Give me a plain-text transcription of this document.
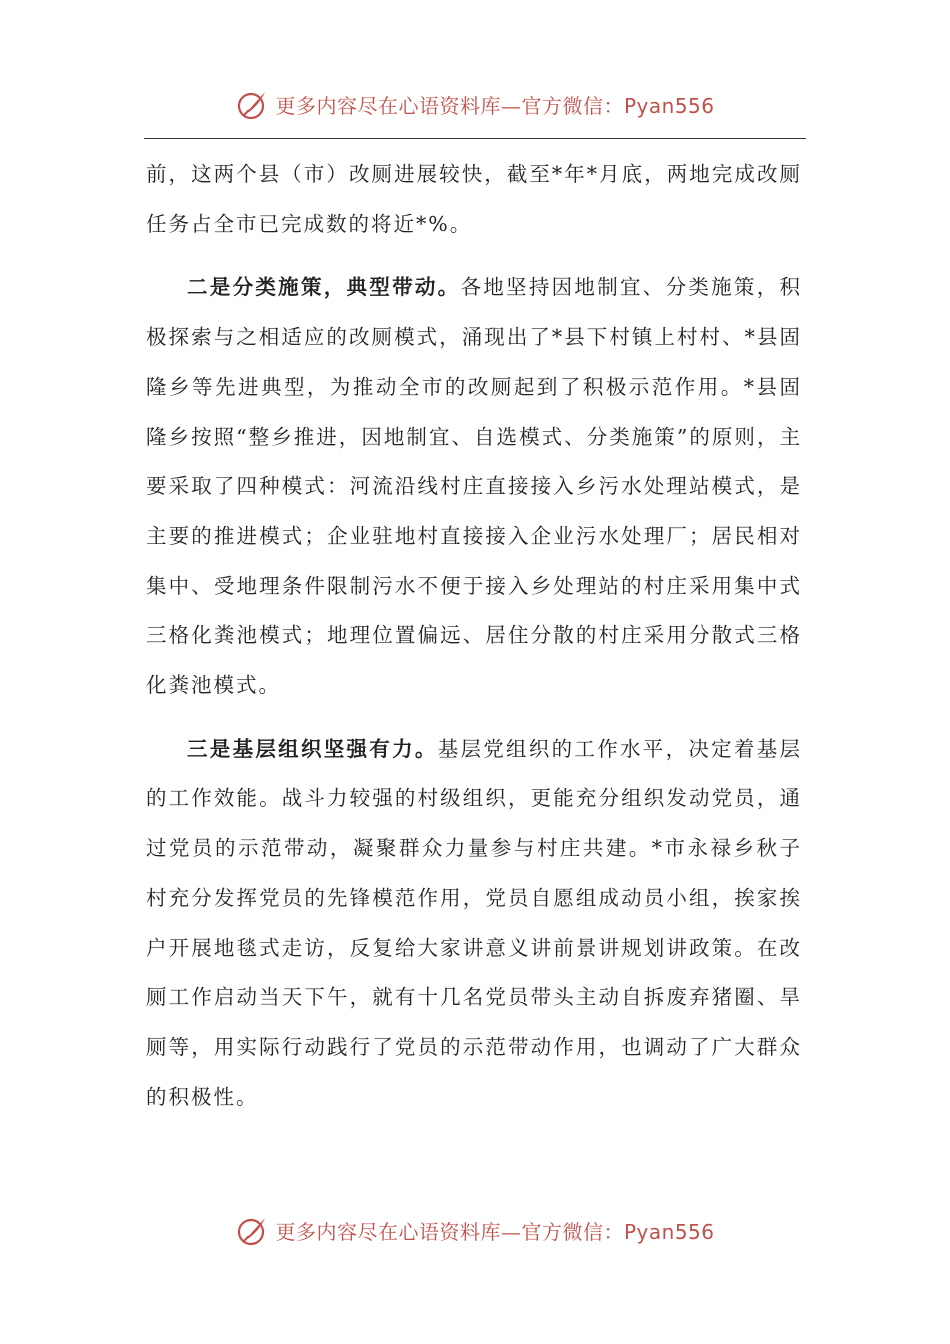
更多内容尽在心语资料库—官方微信：Pyan556

前，这两个县（市）改厕进展较快，截至*年*月底，两地完成改厕任务占全市已完成数的将近*%。

二是分类施策，典型带动。各地坚持因地制宜、分类施策，积极探索与之相适应的改厕模式，涌现出了*县下村镇上村村、*县固隆乡等先进典型，为推动全市的改厕起到了积极示范作用。*县固隆乡按照“整乡推进，因地制宜、自选模式、分类施策”的原则，主要采取了四种模式：河流沿线村庄直接接入乡污水处理站模式，是主要的推进模式；企业驻地村直接接入企业污水处理厂；居民相对集中、受地理条件限制污水不便于接入乡处理站的村庄采用集中式三格化粪池模式；地理位置偏远、居住分散的村庄采用分散式三格化粪池模式。

三是基层组织坚强有力。基层党组织的工作水平，决定着基层的工作效能。战斗力较强的村级组织，更能充分组织发动党员，通过党员的示范带动，凝聚群众力量参与村庄共建。*市永禄乡秋子村充分发挥党员的先锋模范作用，党员自愿组成动员小组，挨家挨户开展地毯式走访，反复给大家讲意义讲前景讲规划讲政策。在改厕工作启动当天下午，就有十几名党员带头主动自拆废弃猪圈、旱厕等，用实际行动践行了党员的示范带动作用，也调动了广大群众的积极性。

更多内容尽在心语资料库—官方微信：Pyan556
